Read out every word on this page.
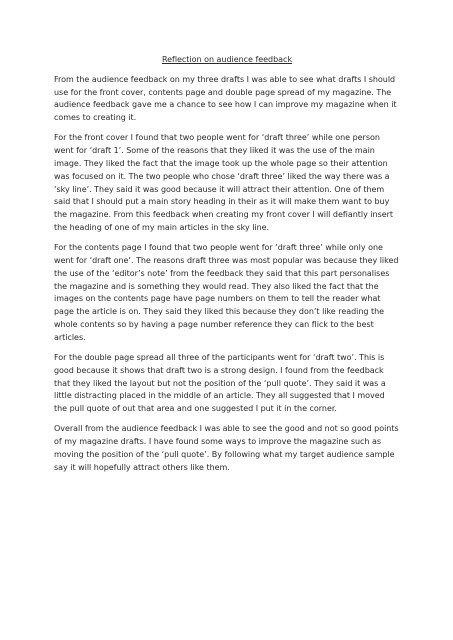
Reflection on audience feedback

From the audience feedback on my three drafts I was able to see what drafts I should use for the front cover, contents page and double page spread of my magazine. The audience feedback gave me a chance to see how I can improve my magazine when it comes to creating it.

For the front cover I found that two people went for ‘draft three’ while one person went for ‘draft 1’. Some of the reasons that they liked it was the use of the main image. They liked the fact that the image took up the whole page so their attention was focused on it. The two people who chose ‘draft three’ liked the way there was a ‘sky line’. They said it was good because it will attract their attention. One of them said that I should put a main story heading in their as it will make them want to buy the magazine. From this feedback when creating my front cover I will defiantly insert the heading of one of my main articles in the sky line.

For the contents page I found that two people went for ‘draft three’ while only one went for ‘draft one’. The reasons draft three was most popular was because they liked the use of the ‘editor’s note’ from the feedback they said that this part personalises the magazine and is something they would read. They also liked the fact that the images on the contents page have page numbers on them to tell the reader what page the article is on. They said they liked this because they don’t like reading the whole contents so by having a page number reference they can flick to the best articles.

For the double page spread all three of the participants went for ‘draft two’. This is good because it shows that draft two is a strong design. I found from the feedback that they liked the layout but not the position of the ‘pull quote’. They said it was a little distracting placed in the middle of an article. They all suggested that I moved the pull quote of out that area and one suggested I put it in the corner.

Overall from the audience feedback I was able to see the good and not so good points of my magazine drafts. I have found some ways to improve the magazine such as moving the position of the ‘pull quote’. By following what my target audience sample say it will hopefully attract others like them.
